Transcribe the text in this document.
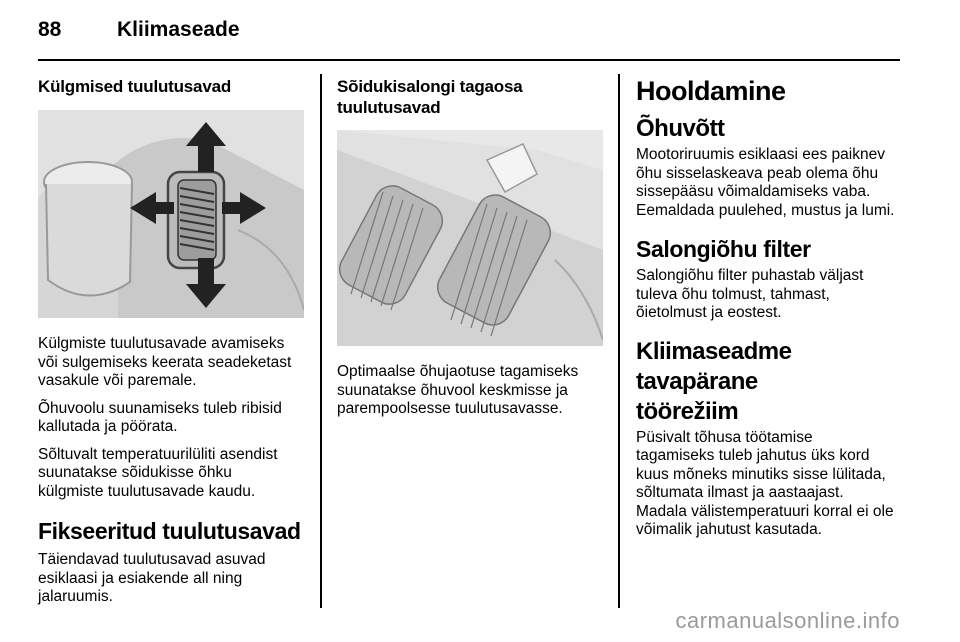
88	Kliimaseade
Külgmised tuulutusavad

Külgmiste tuulutusavade avamiseks
või sulgemiseks keerata seadeketast
vasakule või paremale.

Õhuvoolu suunamiseks tuleb ribisid
kallutada ja pöörata.

Sõltuvalt temperatuurilüliti asendist
suunatakse sõidukisse õhku
külgmiste tuulutusavade kaudu.

Fikseeritud tuulutusavad

Täiendavad tuulutusavad asuvad
esiklaasi ja esiakende all ning
jalaruumis.

Sõidukisalongi tagaosa
tuulutusavad

Optimaalse õhujaotuse tagamiseks
suunatakse õhuvool keskmisse ja
parempoolsesse tuulutusavasse.

Hooldamine
Õhuvõtt

Mootoriruumis esiklaasi ees paiknev
õhu sisselaskeava peab olema õhu
sissepääsu võimaldamiseks vaba.
Eemaldada puulehed, mustus ja lumi.

Salongiõhu filter

Salongiõhu filter puhastab väljast
tuleva õhu tolmust, tahmast,
õietolmust ja eostest.

Kliimaseadme tavapärane
töörežiim

Püsivalt tõhusa töötamise
tagamiseks tuleb jahutus üks kord
kuus mõneks minutiks sisse lülitada,
sõltumata ilmast ja aastaajast.
Madala välistemperatuuri korral ei ole
võimalik jahutust kasutada.

carmanualsonline.info
